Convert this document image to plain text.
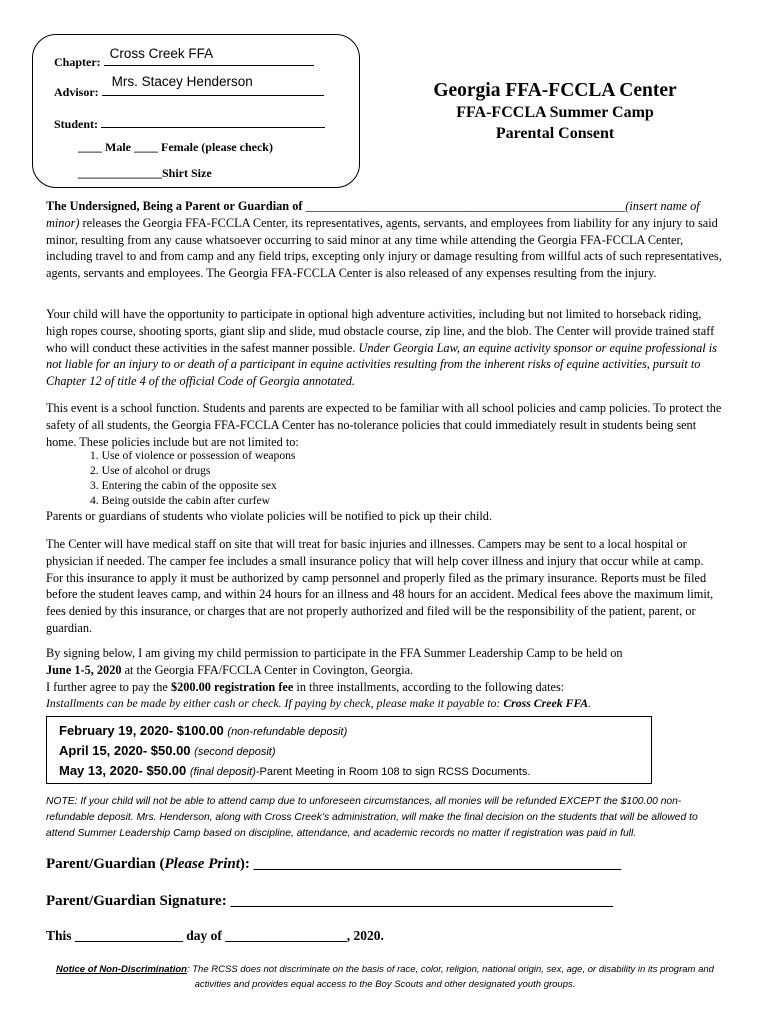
Chapter:
Cross Creek FFA
Advisor:
Mrs. Stacey Henderson
Student:
____ Male ____ Female (please check)
______________Shirt Size
Georgia FFA-FCCLA Center
FFA-FCCLA Summer Camp
Parental Consent

The Undersigned, Being a Parent or Guardian of ____________________________________________________(insert name of minor) releases the Georgia FFA-FCCLA Center, its representatives, agents, servants, and employees from liability for any injury to said minor, resulting from any cause whatsoever occurring to said minor at any time while attending the Georgia FFA-FCCLA Center, including travel to and from camp and any field trips, excepting only injury or damage resulting from willful acts of such representatives, agents, servants and employees. The Georgia FFA-FCCLA Center is also released of any expenses resulting from the injury.

Your child will have the opportunity to participate in optional high adventure activities, including but not limited to horseback riding, high ropes course, shooting sports, giant slip and slide, mud obstacle course, zip line, and the blob. The Center will provide trained staff who will conduct these activities in the safest manner possible. Under Georgia Law, an equine activity sponsor or equine professional is not liable for an injury to or death of a participant in equine activities resulting from the inherent risks of equine activities, pursuit to Chapter 12 of title 4 of the official Code of Georgia annotated.

This event is a school function. Students and parents are expected to be familiar with all school policies and camp policies. To protect the safety of all students, the Georgia FFA-FCCLA Center has no-tolerance policies that could immediately result in students being sent home. These policies include but are not limited to:

1. Use of violence or possession of weapons
2. Use of alcohol or drugs
3. Entering the cabin of the opposite sex
4. Being outside the cabin after curfew
Parents or guardians of students who violate policies will be notified to pick up their child.

The Center will have medical staff on site that will treat for basic injuries and illnesses. Campers may be sent to a local hospital or physician if needed. The camper fee includes a small insurance policy that will help cover illness and injury that occur while at camp. For this insurance to apply it must be authorized by camp personnel and properly filed as the primary insurance. Reports must be filed before the student leaves camp, and within 24 hours for an illness and 48 hours for an accident. Medical fees above the maximum limit, fees denied by this insurance, or charges that are not properly authorized and filed will be the responsibility of the patient, parent, or guardian.

By signing below, I am giving my child permission to participate in the FFA Summer Leadership Camp to be held on

June 1-5, 2020 at the Georgia FFA/FCCLA Center in Covington, Georgia.

I further agree to pay the $200.00 registration fee in three installments, according to the following dates:

Installments can be made by either cash or check. If paying by check, please make it payable to: Cross Creek FFA.

February 19, 2020- $100.00 (non-refundable deposit)
April 15, 2020- $50.00 (second deposit)
May 13, 2020- $50.00 (final deposit)-Parent Meeting in Room 108 to sign RCSS Documents.
NOTE: If your child will not be able to attend camp due to unforeseen circumstances, all monies will be refunded EXCEPT the $100.00 non-refundable deposit. Mrs. Henderson, along with Cross Creek’s administration, will make the final decision on the students that will be allowed to attend Summer Leadership Camp based on discipline, attendance, and academic records no matter if registration was paid in full.
Parent/Guardian (Please Print): _________________________________________________
Parent/Guardian Signature: ___________________________________________________
This ________________ day of __________________, 2020.
Notice of Non-Discrimination: The RCSS does not discriminate on the basis of race, color, religion, national origin, sex, age, or disability in its program and activities and provides equal access to the Boy Scouts and other designated youth groups.
